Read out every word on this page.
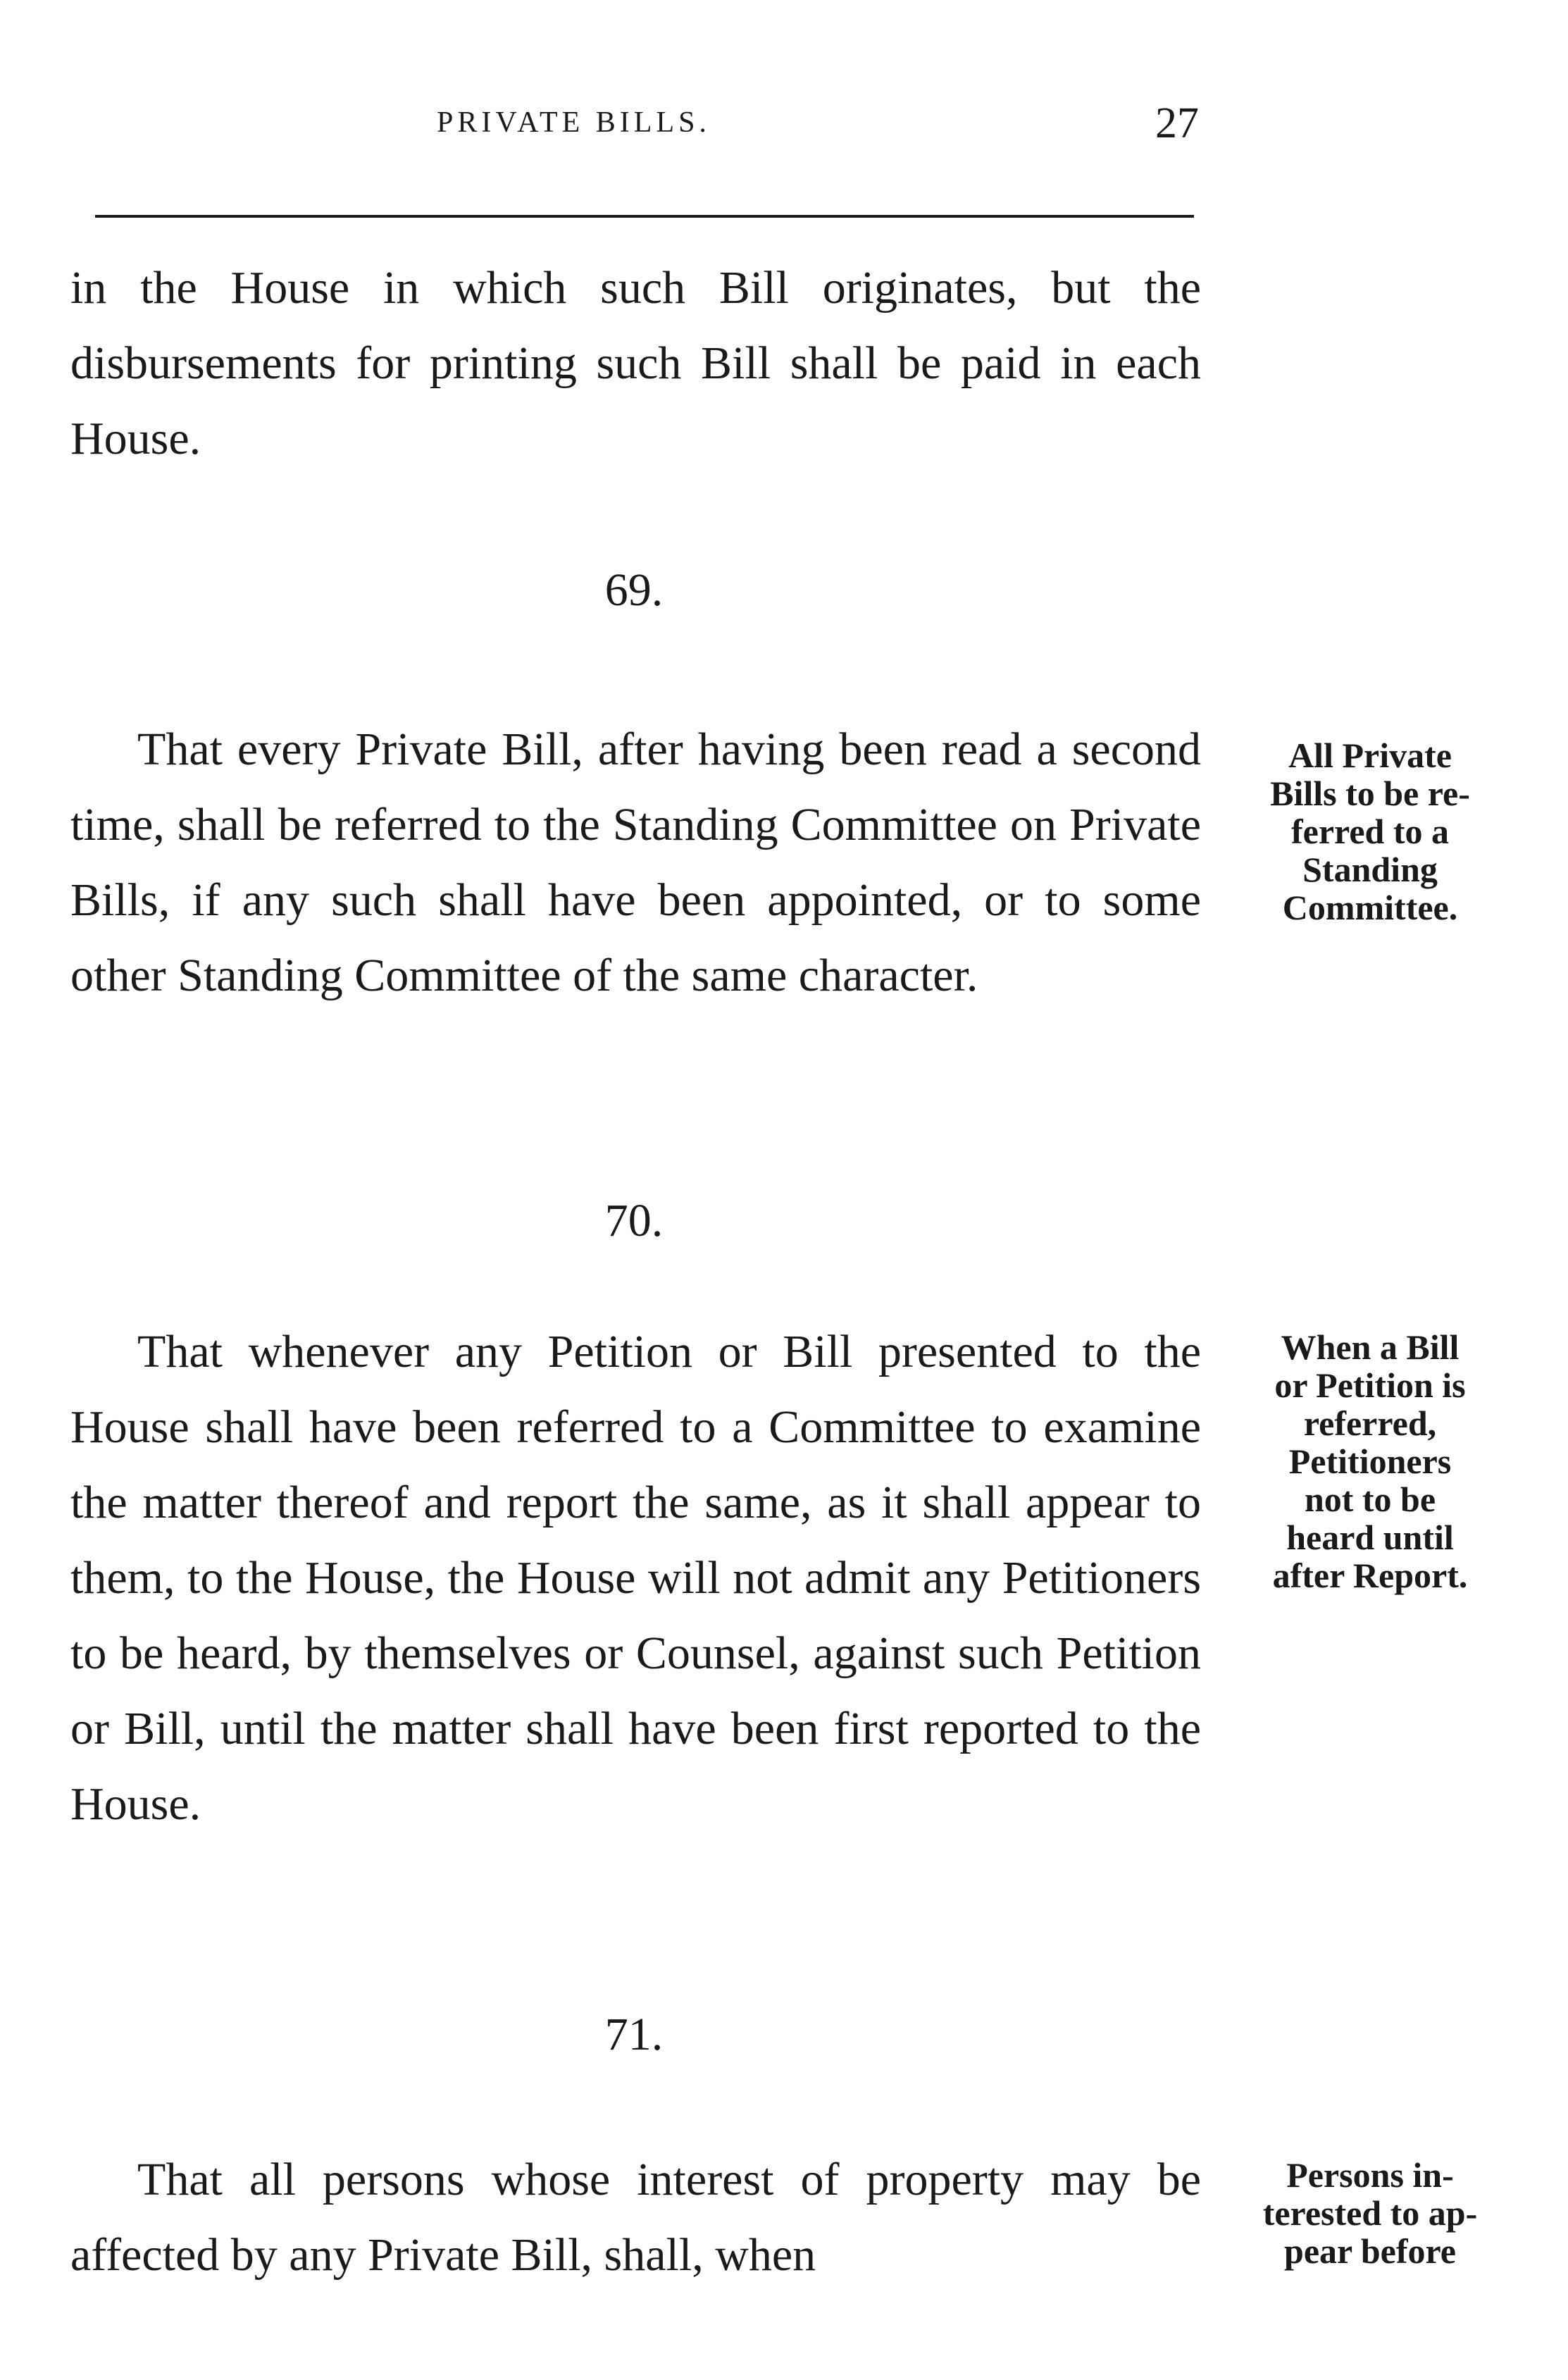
PRIVATE BILLS.	27

in the House in which such Bill originates, but the disbursements for printing such Bill shall be paid in each House.

69.

That every Private Bill, after having been read a second time, shall be referred to the Standing Committee on Private Bills, if any such shall have been appointed, or to some other Standing Committee of the same character.

All Private
Bills to be re-
ferred to a
Standing
Committee.
70.

That whenever any Petition or Bill presented to the House shall have been referred to a Committee to examine the matter thereof and report the same, as it shall appear to them, to the House, the House will not admit any Petitioners to be heard, by themselves or Counsel, against such Petition or Bill, until the matter shall have been first reported to the House.

When a Bill
or Petition is
referred,
Petitioners
not to be
heard until
after Report.
71.

That all persons whose interest of property may be affected by any Private Bill, shall, when

Persons in-
terested to ap-
pear before
